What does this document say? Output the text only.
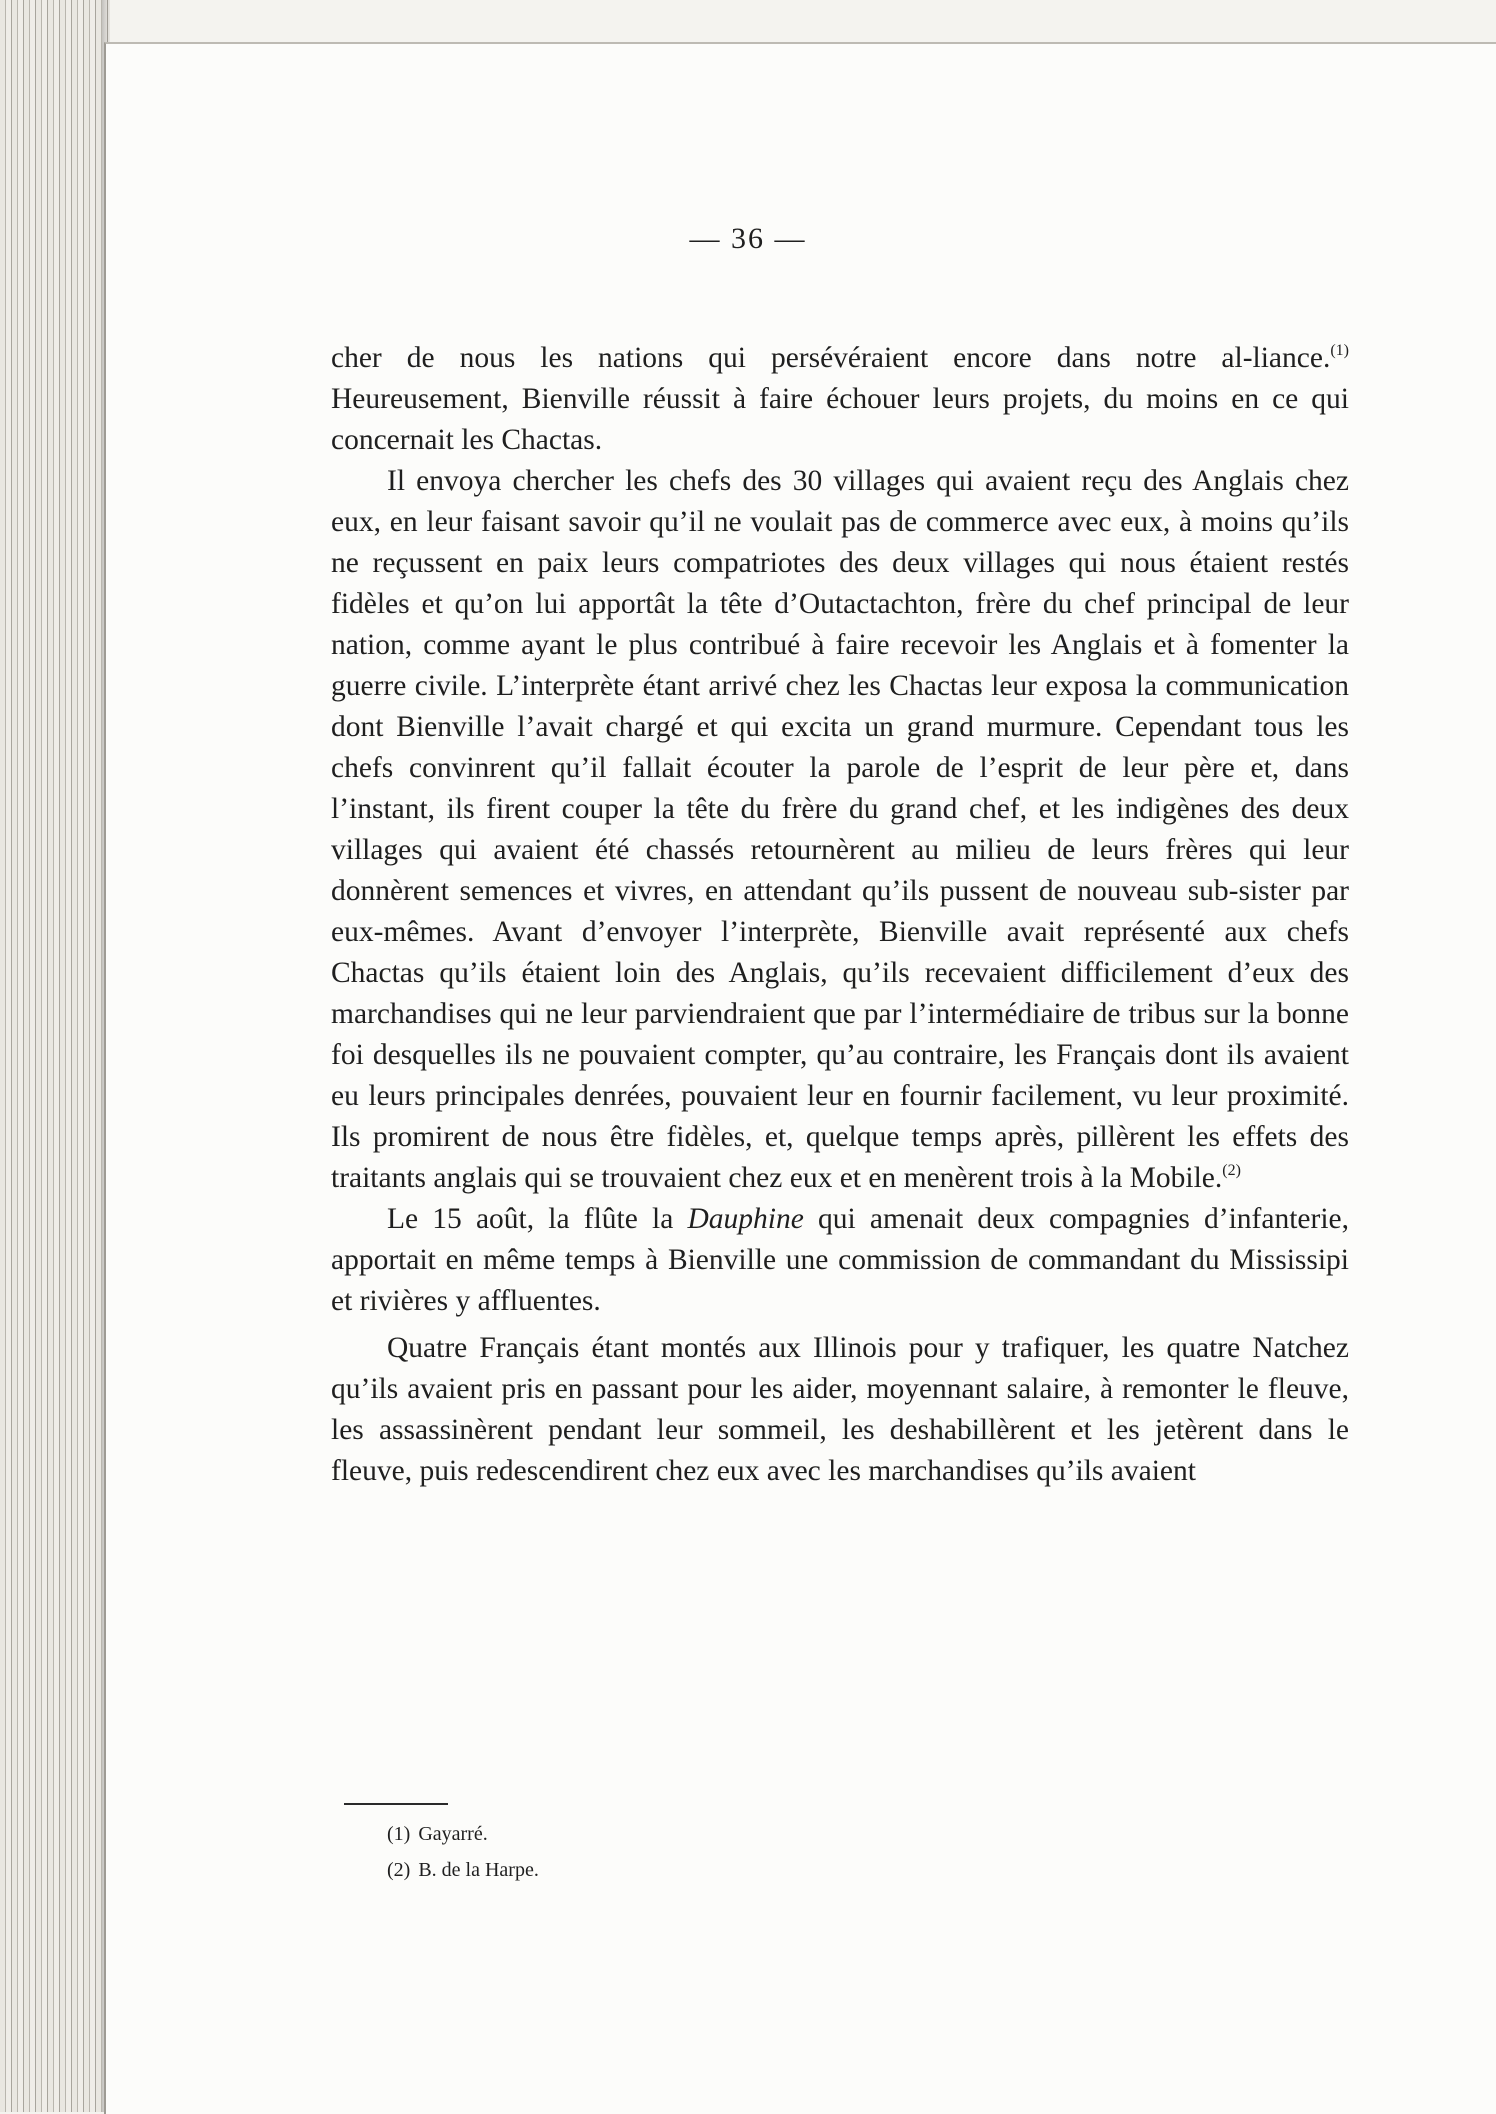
— 36 —

cher de nous les nations qui persévéraient encore dans notre al-liance.$^{(1)}$ Heureusement, Bienville réussit à faire échouer leurs projets, du moins en ce qui concernait les Chactas.

Il envoya chercher les chefs des 30 villages qui avaient reçu des Anglais chez eux, en leur faisant savoir qu’il ne voulait pas de commerce avec eux, à moins qu’ils ne reçussent en paix leurs compatriotes des deux villages qui nous étaient restés fidèles et qu’on lui apportât la tête d’Outactachton, frère du chef principal de leur nation, comme ayant le plus contribué à faire recevoir les Anglais et à fomenter la guerre civile. L’interprète étant arrivé chez les Chactas leur exposa la communication dont Bienville l’avait chargé et qui excita un grand murmure. Cependant tous les chefs convinrent qu’il fallait écouter la parole de l’esprit de leur père et, dans l’instant, ils firent couper la tête du frère du grand chef, et les indigènes des deux villages qui avaient été chassés retournèrent au milieu de leurs frères qui leur donnèrent semences et vivres, en attendant qu’ils pussent de nouveau sub-sister par eux-mêmes. Avant d’envoyer l’interprète, Bienville avait représenté aux chefs Chactas qu’ils étaient loin des Anglais, qu’ils recevaient difficilement d’eux des marchandises qui ne leur parviendraient que par l’intermédiaire de tribus sur la bonne foi desquelles ils ne pouvaient compter, qu’au contraire, les Français dont ils avaient eu leurs principales denrées, pouvaient leur en fournir facilement, vu leur proximité. Ils promirent de nous être fidèles, et, quelque temps après, pillèrent les effets des traitants anglais qui se trouvaient chez eux et en menèrent trois à la Mobile.$^{(2)}$

Le 15 août, la flûte la Dauphine qui amenait deux compagnies d’infanterie, apportait en même temps à Bienville une commission de commandant du Mississipi et rivières y affluentes.

Quatre Français étant montés aux Illinois pour y trafiquer, les quatre Natchez qu’ils avaient pris en passant pour les aider, moyennant salaire, à remonter le fleuve, les assassinèrent pendant leur sommeil, les deshabillèrent et les jetèrent dans le fleuve, puis redescendirent chez eux avec les marchandises qu’ils avaient

(1) Gayarré.
(2) B. de la Harpe.
